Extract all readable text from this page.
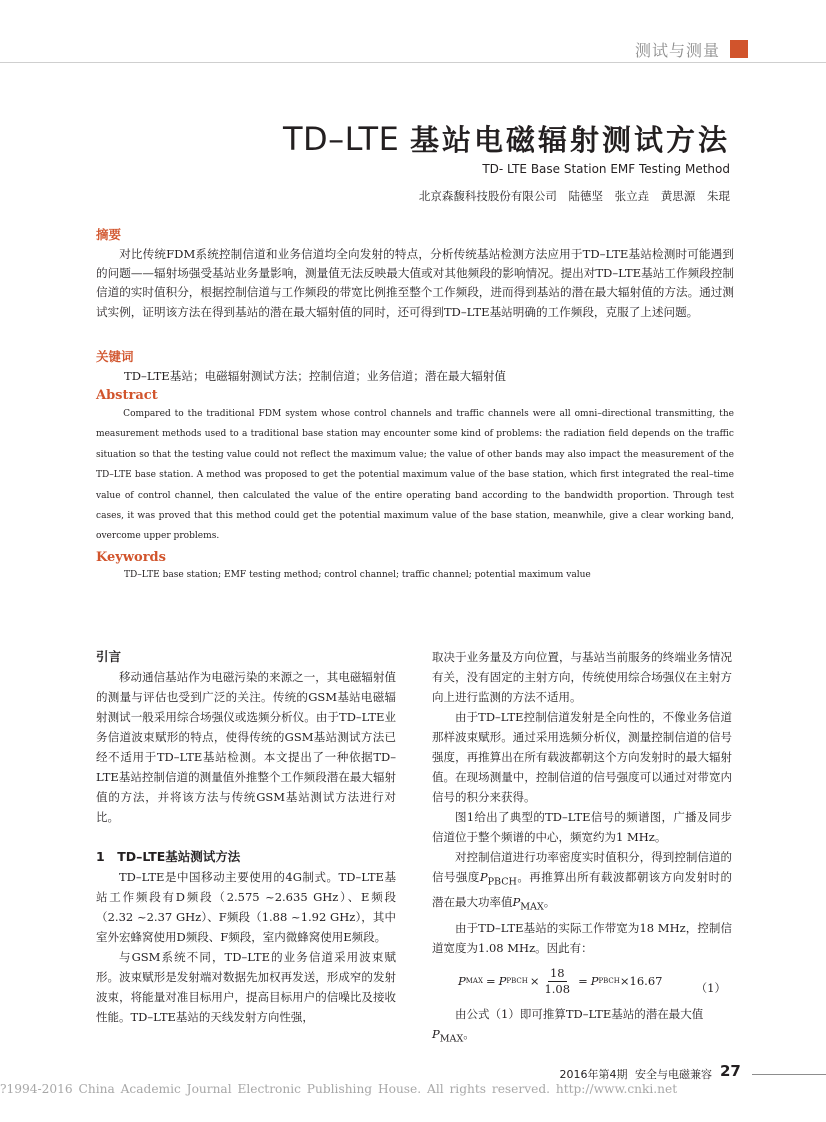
测试与测量
TD–LTE 基站电磁辐射测试方法
TD- LTE Base Station EMF Testing Method
北京森馥科技股份有限公司 陆德坚 张立垚 黄思源 朱琨
摘要

对比传统FDM系统控制信道和业务信道均全向发射的特点，分析传统基站检测方法应用于TD–LTE基站检测时可能遇到的问题——辐射场强受基站业务量影响，测量值无法反映最大值或对其他频段的影响情况。提出对TD–LTE基站工作频段控制信道的实时值积分，根据控制信道与工作频段的带宽比例推至整个工作频段，进而得到基站的潜在最大辐射值的方法。通过测试实例，证明该方法在得到基站的潜在最大辐射值的同时，还可得到TD–LTE基站明确的工作频段，克服了上述问题。

关键词
TD–LTE基站；电磁辐射测试方法；控制信道；业务信道；潜在最大辐射值
Abstract

Compared to the traditional FDM system whose control channels and traffic channels were all omni–directional transmitting, the measurement methods used to a traditional base station may encounter some kind of problems: the radiation field depends on the traffic situation so that the testing value could not reflect the maximum value; the value of other bands may also impact the measurement of the TD–LTE base station. A method was proposed to get the potential maximum value of the base station, which first integrated the real–time value of control channel, then calculated the value of the entire operating band according to the bandwidth proportion. Through test cases, it was proved that this method could get the potential maximum value of the base station, meanwhile, give a clear working band, overcome upper problems.

Keywords
TD–LTE base station; EMF testing method; control channel; traffic channel; potential maximum value
引言

移动通信基站作为电磁污染的来源之一，其电磁辐射值的测量与评估也受到广泛的关注。传统的GSM基站电磁辐射测试一般采用综合场强仪或选频分析仪。由于TD–LTE业务信道波束赋形的特点，使得传统的GSM基站测试方法已经不适用于TD–LTE基站检测。本文提出了一种依据TD–LTE基站控制信道的测量值外推整个工作频段潜在最大辐射值的方法，并将该方法与传统GSM基站测试方法进行对比。

1　TD–LTE基站测试方法

TD–LTE是中国移动主要使用的4G制式。TD–LTE基站工作频段有D频段（2.575 ~2.635 GHz）、E频段（2.32 ~2.37 GHz）、F频段（1.88 ~1.92 GHz），其中室外宏蜂窝使用D频段、F频段，室内微蜂窝使用E频段。

与GSM系统不同，TD–LTE的业务信道采用波束赋形。波束赋形是发射端对数据先加权再发送，形成窄的发射波束，将能量对准目标用户，提高目标用户的信噪比及接收性能。TD–LTE基站的天线发射方向性强，

取决于业务量及方向位置，与基站当前服务的终端业务情况有关，没有固定的主射方向，传统使用综合场强仪在主射方向上进行监测的方法不适用。

由于TD–LTE控制信道发射是全向性的，不像业务信道那样波束赋形。通过采用选频分析仪，测量控制信道的信号强度，再推算出在所有载波都朝这个方向发射时的最大辐射值。在现场测量中，控制信道的信号强度可以通过对带宽内信号的积分来获得。

图1给出了典型的TD–LTE信号的频谱图，广播及同步信道位于整个频谱的中心，频宽约为1 MHz。

对控制信道进行功率密度实时值积分，得到控制信道的信号强度$P_{PBCH}$。再推算出所有载波都朝该方向发射时的潜在最大功率值$P_{MAX}$。

由于TD–LTE基站的实际工作带宽为18 MHz，控制信道宽度为1.08 MHz。因此有：

P MAX = P PBCH × $\frac{18}{1.08} = P$ PBCH ×16.67	（1）

由公式（1）即可推算TD–LTE基站的潜在最大值

$P_{MAX}$。

2016年第4期 安全与电磁兼容 27
?1994-2016 China Academic Journal Electronic Publishing House. All rights reserved. http://www.cnki.net
